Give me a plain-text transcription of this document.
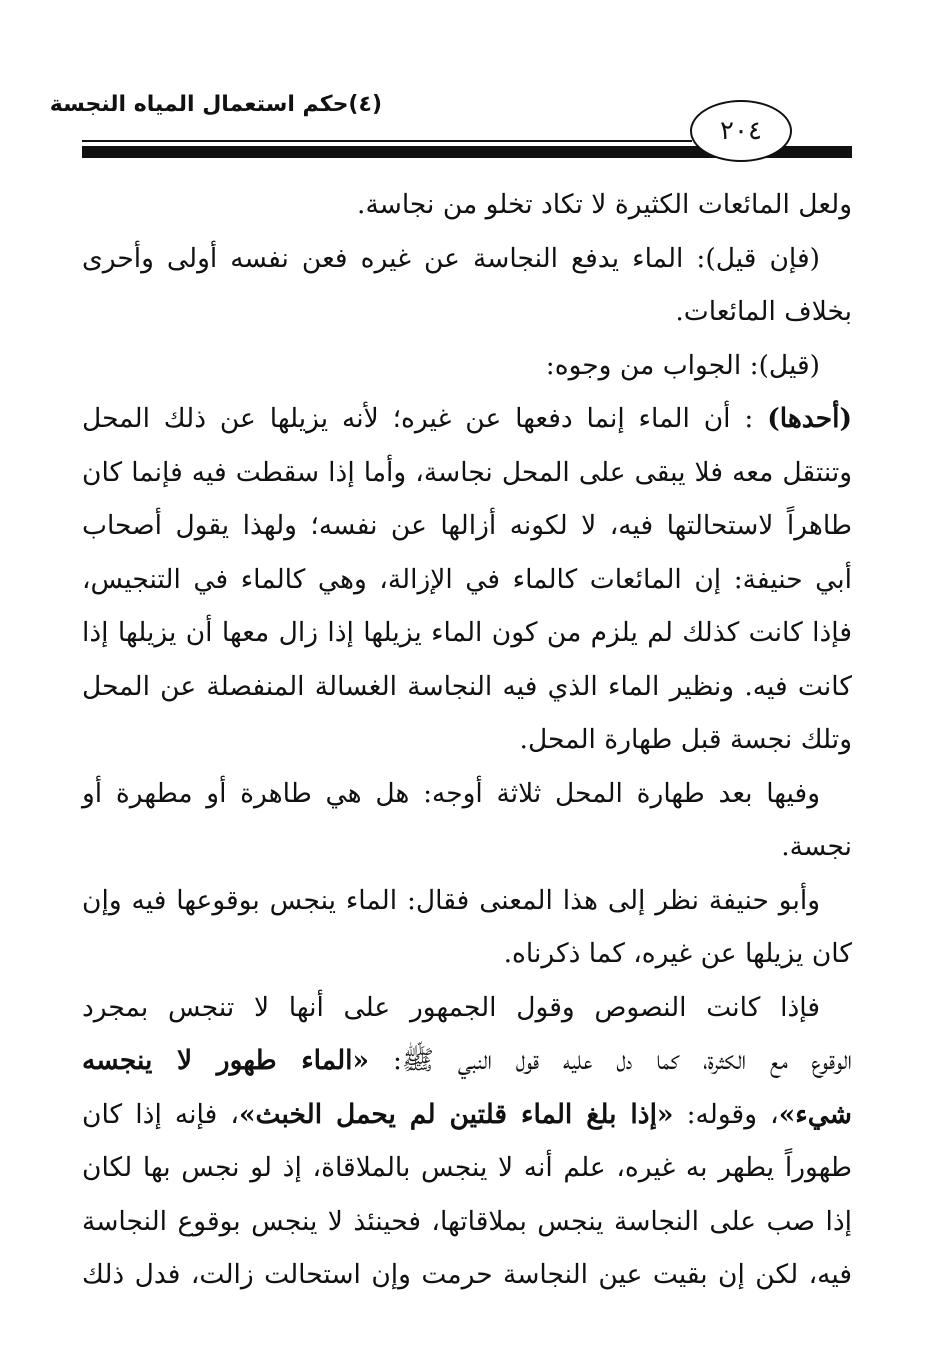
٢٠٤
(٤)حكم استعمال المياه النجسة
ولعل المائعات الكثيرة لا تكاد تخلو من نجاسة.
(فإن قيل): الماء يدفع النجاسة عن غيره فعن نفسه أولى وأحرى
بخلاف المائعات.
(قيل): الجواب من وجوه:
(أحدها) : أن الماء إنما دفعها عن غيره؛ لأنه يزيلها عن ذلك المحل
وتنتقل معه فلا يبقى على المحل نجاسة، وأما إذا سقطت فيه فإنما كان
طاهراً لاستحالتها فيه، لا لكونه أزالها عن نفسه؛ ولهذا يقول أصحاب
أبي حنيفة: إن المائعات كالماء في الإزالة، وهي كالماء في التنجيس،
فإذا كانت كذلك لم يلزم من كون الماء يزيلها إذا زال معها أن يزيلها إذا
كانت فيه. ونظير الماء الذي فيه النجاسة الغسالة المنفصلة عن المحل
وتلك نجسة قبل طهارة المحل.
وفيها بعد طهارة المحل ثلاثة أوجه: هل هي طاهرة أو مطهرة أو
نجسة.
وأبو حنيفة نظر إلى هذا المعنى فقال: الماء ينجس بوقوعها فيه وإن
كان يزيلها عن غيره، كما ذكرناه.
فإذا كانت النصوص وقول الجمهور على أنها لا تنجس بمجرد
الوقوع مع الكثرة، كما دل عليه قول النبي ﷺ: «الماء طهور لا ينجسه
شيء»، وقوله: «إذا بلغ الماء قلتين لم يحمل الخبث»، فإنه إذا كان
طهوراً يطهر به غيره، علم أنه لا ينجس بالملاقاة، إذ لو نجس بها لكان
إذا صب على النجاسة ينجس بملاقاتها، فحينئذ لا ينجس بوقوع النجاسة
فيه، لكن إن بقيت عين النجاسة حرمت وإن استحالت زالت، فدل ذلك
